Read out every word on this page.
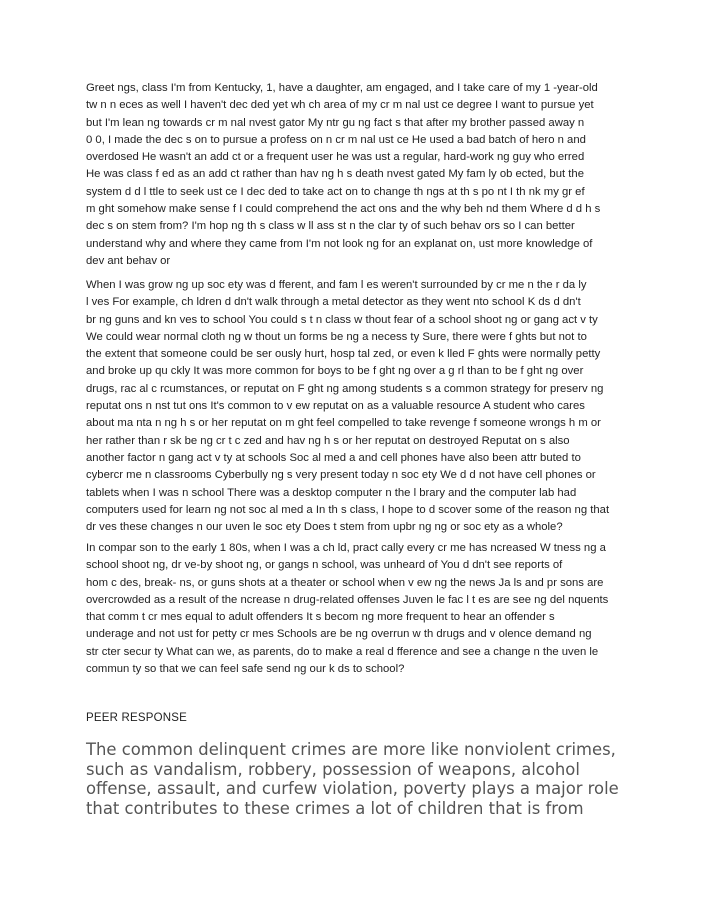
Greet ngs, class I'm from Kentucky, 1, have a daughter, am engaged, and I take care of my 1 -year-old
tw n n eces as well I haven't dec ded yet wh ch area of my cr m nal ust ce degree I want to pursue yet
but I'm lean ng towards cr m nal nvest gator My ntr gu ng fact s that after my brother passed away n
0 0, I made the dec s on to pursue a profess on n cr m nal ust ce He used a bad batch of hero n and
overdosed He wasn't an add ct or a frequent user he was ust a regular, hard-work ng guy who erred
He was class f ed as an add ct rather than hav ng h s death nvest gated My fam ly ob ected, but the
system d d l ttle to seek ust ce I dec ded to take act on to change th ngs at th s po nt I th nk my gr ef
m ght somehow make sense f I could comprehend the act ons and the why beh nd them Where d d h s
dec s on stem from? I'm hop ng th s class w ll ass st n the clar ty of such behav ors so I can better
understand why and where they came from I'm not look ng for an explanat on, ust more knowledge of
dev ant behav or
When I was grow ng up soc ety was d fferent, and fam l es weren't surrounded by cr me n the r da ly
l ves For example, ch ldren d dn't walk through a metal detector as they went nto school K ds d dn't
br ng guns and kn ves to school You could s t n class w thout fear of a school shoot ng or gang act v ty
We could wear normal cloth ng w thout un forms be ng a necess ty Sure, there were f ghts but not to
the extent that someone could be ser ously hurt, hosp tal zed, or even k lled F ghts were normally petty
and broke up qu ckly It was more common for boys to be f ght ng over a g rl than to be f ght ng over
drugs, rac al c rcumstances, or reputat on F ght ng among students s a common strategy for preserv ng
reputat ons n nst tut ons It's common to v ew reputat on as a valuable resource A student who cares
about ma nta n ng h s or her reputat on m ght feel compelled to take revenge f someone wrongs h m or
her rather than r sk be ng cr t c zed and hav ng h s or her reputat on destroyed Reputat on s also
another factor n gang act v ty at schools Soc al med a and cell phones have also been attr buted to
cybercr me n classrooms Cyberbully ng s very present today n soc ety We d d not have cell phones or
tablets when I was n school There was a desktop computer n the l brary and the computer lab had
computers used for learn ng not soc al med a In th s class, I hope to d scover some of the reason ng that
dr ves these changes n our uven le soc ety Does t stem from upbr ng ng or soc ety as a whole?
In compar son to the early 1 80s, when I was a ch ld, pract cally every cr me has ncreased W tness ng a
school shoot ng, dr ve-by shoot ng, or gangs n school, was unheard of You d dn't see reports of
hom c des, break- ns, or guns shots at a theater or school when v ew ng the news Ja ls and pr sons are
overcrowded as a result of the ncrease n drug-related offenses Juven le fac l t es are see ng del nquents
that comm t cr mes equal to adult offenders It s becom ng more frequent to hear an offender s
underage and not ust for petty cr mes Schools are be ng overrun w th drugs and v olence demand ng
str cter secur ty What can we, as parents, do to make a real d fference and see a change n the uven le
commun ty so that we can feel safe send ng our k ds to school?
PEER RESPONSE
The common delinquent crimes are more like nonviolent crimes,
such as vandalism, robbery, possession of weapons, alcohol
offense, assault, and curfew violation, poverty plays a major role
that contributes to these crimes a lot of children that is from
